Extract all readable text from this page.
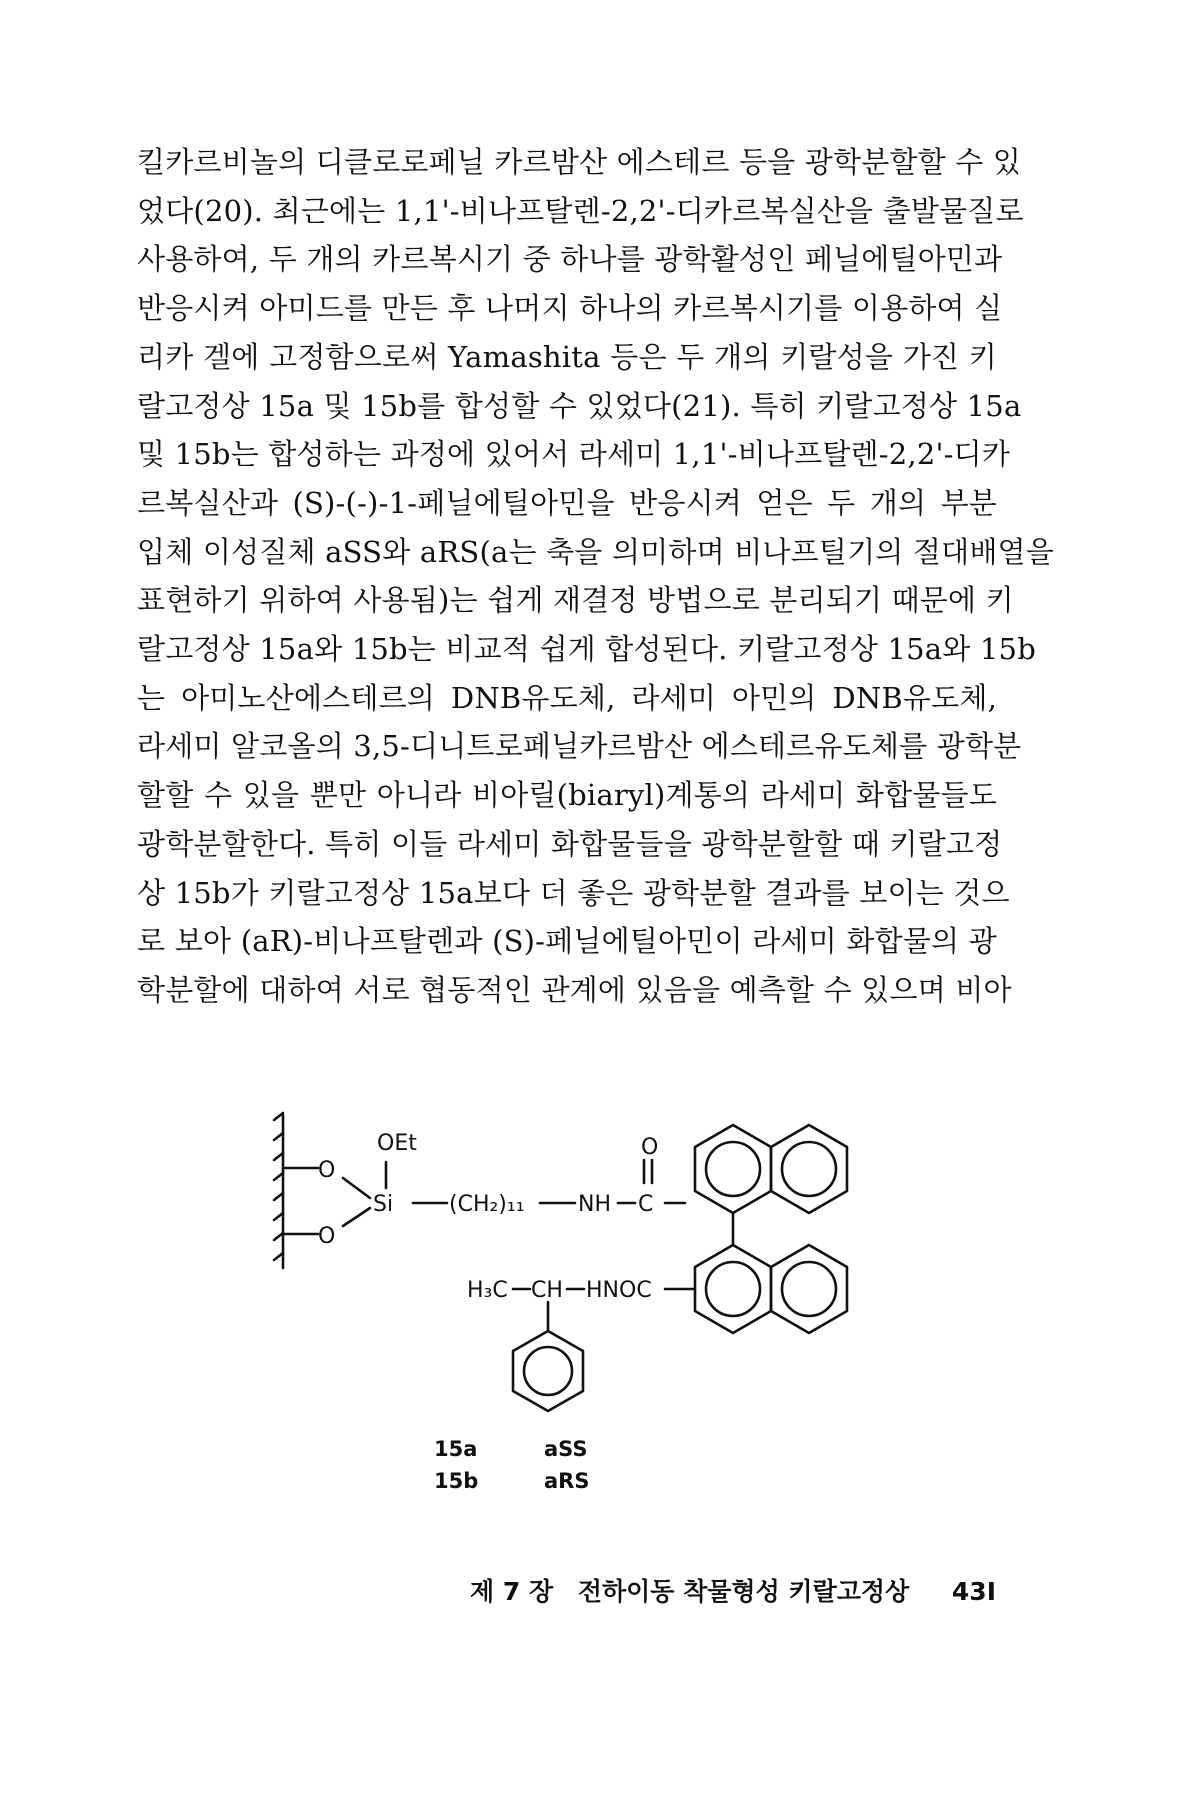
킬카르비놀의 디클로로페닐 카르밤산 에스테르 등을 광학분할할 수 있
었다(20). 최근에는 1,1'-비나프탈렌-2,2'-디카르복실산을 출발물질로
사용하여, 두 개의 카르복시기 중 하나를 광학활성인 페닐에틸아민과
반응시켜 아미드를 만든 후 나머지 하나의 카르복시기를 이용하여 실
리카 겔에 고정함으로써 Yamashita 등은 두 개의 키랄성을 가진 키
랄고정상 15a 및 15b를 합성할 수 있었다(21). 특히 키랄고정상 15a
및 15b는 합성하는 과정에 있어서 라세미 1,1'-비나프탈렌-2,2'-디카
르복실산과 (S)-(-)-1-페닐에틸아민을 반응시켜 얻은 두 개의 부분
입체 이성질체 aSS와 aRS(a는 축을 의미하며 비나프틸기의 절대배열을
표현하기 위하여 사용됨)는 쉽게 재결정 방법으로 분리되기 때문에 키
랄고정상 15a와 15b는 비교적 쉽게 합성된다. 키랄고정상 15a와 15b
는 아미노산에스테르의 DNB유도체, 라세미 아민의 DNB유도체,
라세미 알코올의 3,5-디니트로페닐카르밤산 에스테르유도체를 광학분
할할 수 있을 뿐만 아니라 비아릴(biaryl)계통의 라세미 화합물들도
광학분할한다. 특히 이들 라세미 화합물들을 광학분할할 때 키랄고정
상 15b가 키랄고정상 15a보다 더 좋은 광학분할 결과를 보이는 것으
로 보아 (aR)-비나프탈렌과 (S)-페닐에틸아민이 라세미 화합물의 광
학분할에 대하여 서로 협동적인 관계에 있음을 예측할 수 있으며 비아
OEt
O
O
Si	(CH₂)₁₁ NH
O
C
H₃C CH HNOC
15a	aSS
15b	aRS
제 7 장 전하이동 착물형성 키랄고정상 43I
